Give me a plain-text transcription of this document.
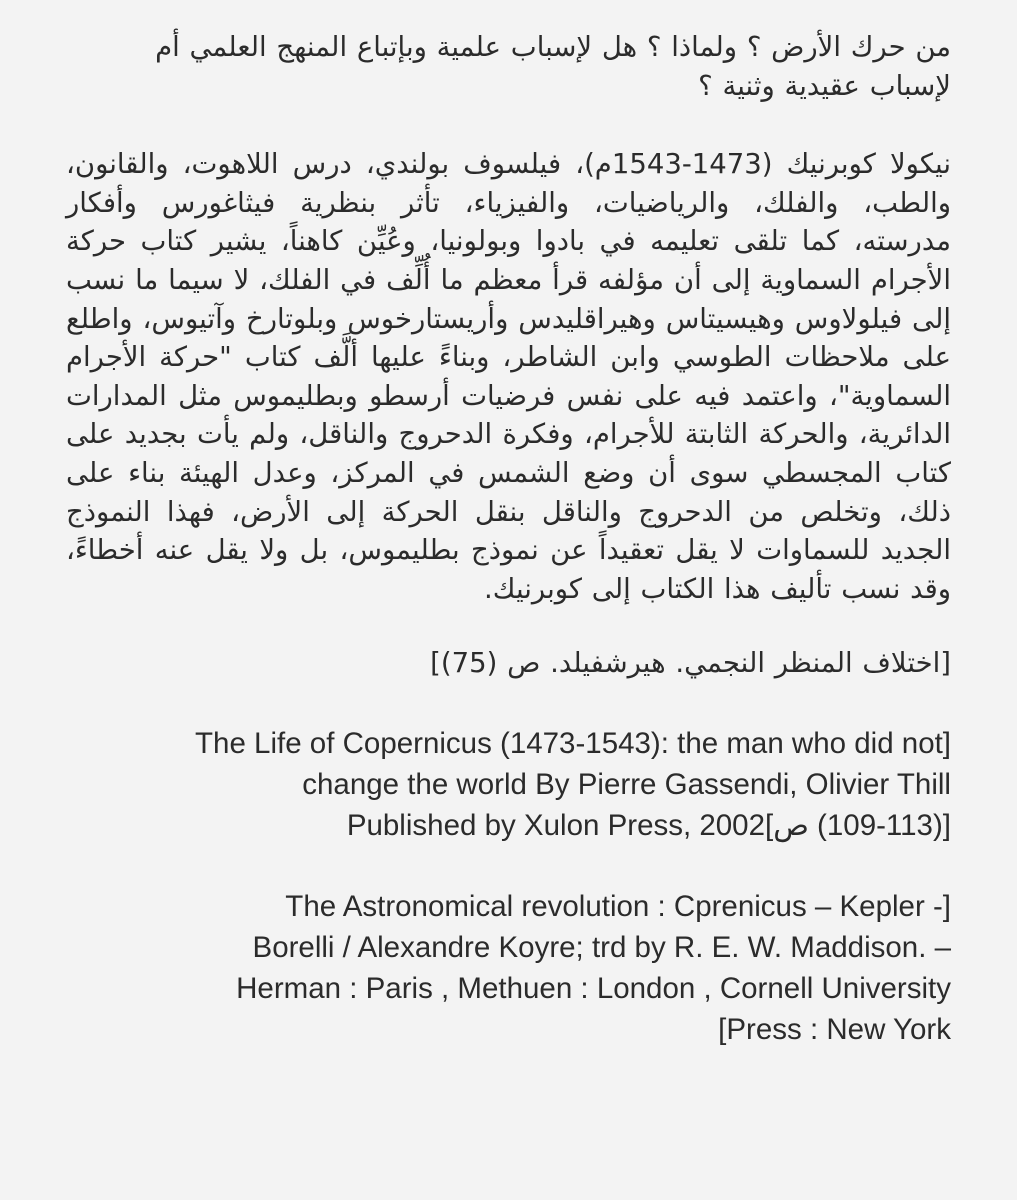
من حرك الأرض ؟ ولماذا ؟ هل لإسباب علمية وبإتباع المنهج العلمي أم لإسباب عقيدية وثنية ؟

نيكولا كوبرنيك (1473-1543م)، فيلسوف بولندي، درس اللاهوت، والقانون، والطب، والفلك، والرياضيات، والفيزياء، تأثر بنظرية فيثاغورس وأفكار مدرسته، كما تلقى تعليمه في بادوا وبولونيا، وعُيِّن كاهناً، يشير كتاب حركة الأجرام السماوية إلى أن مؤلفه قرأ معظم ما أُلِّف في الفلك، لا سيما ما نسب إلى فيلولاوس وهيسيتاس وهيراقليدس وأريستارخوس وبلوتارخ وآتيوس، واطلع على ملاحظات الطوسي وابن الشاطر، وبناءً عليها ألَّف كتاب "حركة الأجرام السماوية"، واعتمد فيه على نفس فرضيات أرسطو وبطليموس مثل المدارات الدائرية، والحركة الثابتة للأجرام، وفكرة الدحروج والناقل، ولم يأت بجديد على كتاب المجسطي سوى أن وضع الشمس في المركز، وعدل الهيئة بناء على ذلك، وتخلص من الدحروج والناقل بنقل الحركة إلى الأرض، فهذا النموذج الجديد للسماوات لا يقل تعقيداً عن نموذج بطليموس، بل ولا يقل عنه أخطاءً، وقد نسب تأليف هذا الكتاب إلى كوبرنيك.

[اختلاف المنظر النجمي. هيرشفيلد. ص (75)]

The Life of Copernicus (1473-1543): the man who did not]
change the world By Pierre Gassendi, Olivier Thill
[(109-113) ص]Published by Xulon Press, 2002
The Astronomical revolution : Cprenicus – Kepler -]
Borelli / Alexandre Koyre; trd by R. E. W. Maddison. –
Herman : Paris , Methuen : London , Cornell University
[Press : New York
